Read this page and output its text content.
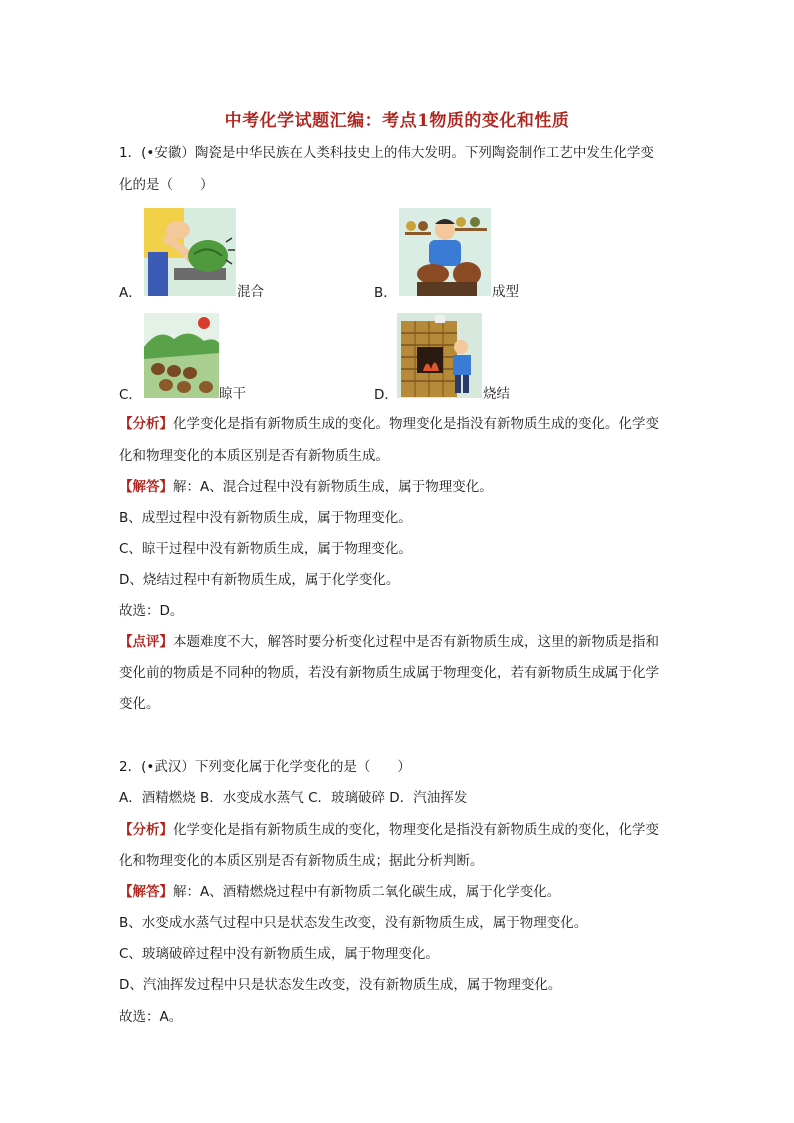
中考化学试题汇编：考点1物质的变化和性质
1．(•安徽）陶瓷是中华民族在人类科技史上的伟大发明。下列陶瓷制作工艺中发生化学变
化的是（　　）
A．	混合	B．	成型
C．	晾干	D．	烧结
【分析】化学变化是指有新物质生成的变化。物理变化是指没有新物质生成的变化。化学变
化和物理变化的本质区别是否有新物质生成。
【解答】解：A、混合过程中没有新物质生成，属于物理变化。
B、成型过程中没有新物质生成，属于物理变化。
C、晾干过程中没有新物质生成，属于物理变化。
D、烧结过程中有新物质生成，属于化学变化。
故选：D。
【点评】本题难度不大，解答时要分析变化过程中是否有新物质生成，这里的新物质是指和
变化前的物质是不同种的物质，若没有新物质生成属于物理变化，若有新物质生成属于化学
变化。
2．(•武汉）下列变化属于化学变化的是（　　）
A．酒精燃烧 B．水变成水蒸气 C．玻璃破碎 D．汽油挥发
【分析】化学变化是指有新物质生成的变化，物理变化是指没有新物质生成的变化，化学变
化和物理变化的本质区别是否有新物质生成；据此分析判断。
【解答】解：A、酒精燃烧过程中有新物质二氧化碳生成，属于化学变化。
B、水变成水蒸气过程中只是状态发生改变，没有新物质生成，属于物理变化。
C、玻璃破碎过程中没有新物质生成，属于物理变化。
D、汽油挥发过程中只是状态发生改变，没有新物质生成，属于物理变化。
故选：A。
